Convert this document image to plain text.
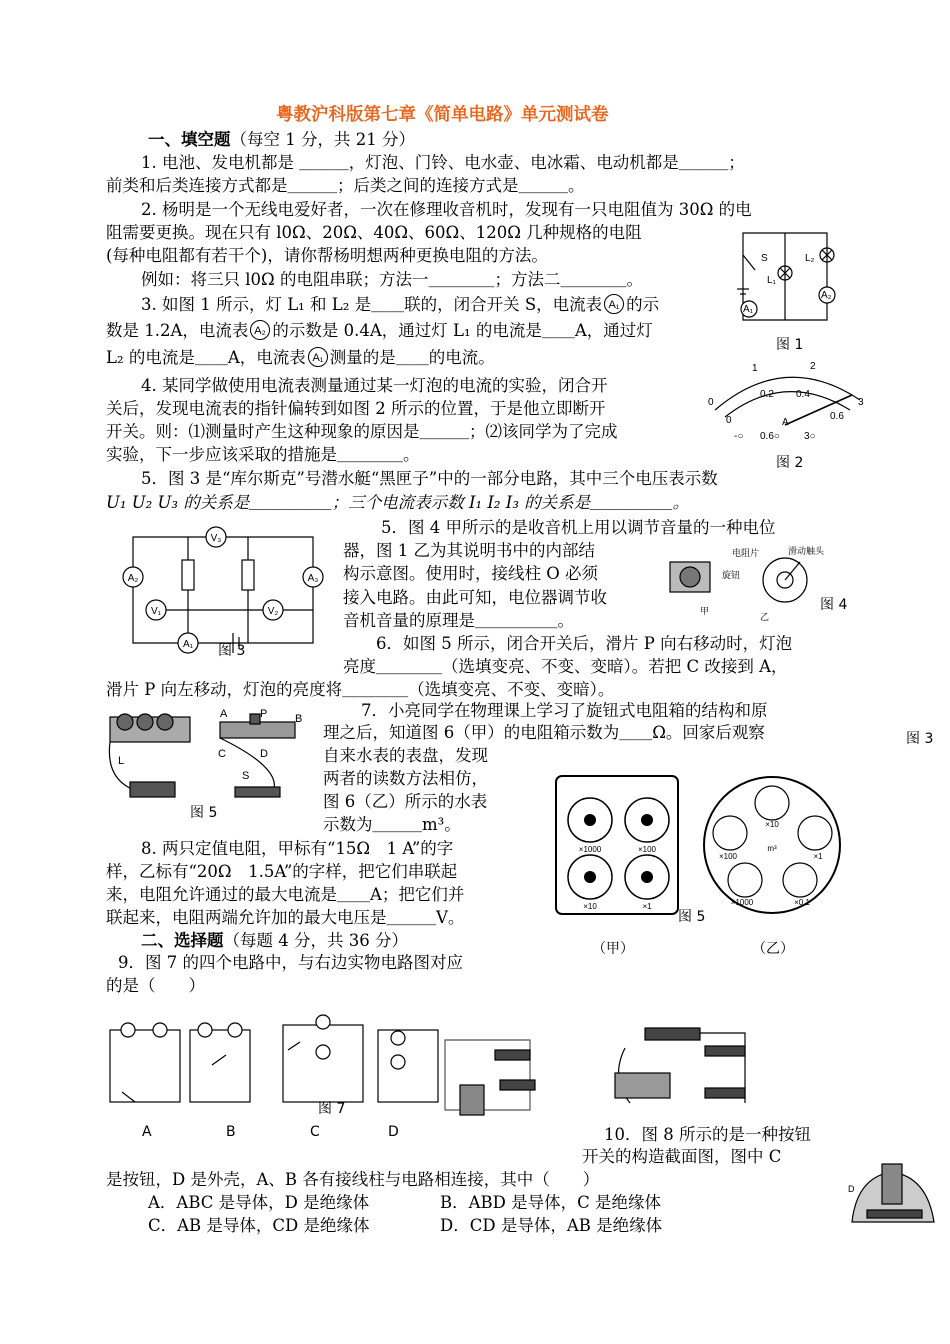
粤教沪科版第七章《简单电路》单元测试卷
一、填空题（每空 1 分，共 21 分）
1. 电池、发电机都是 ＿＿＿，灯泡、门铃、电水壶、电冰霜、电动机都是＿＿＿；
前类和后类连接方式都是＿＿＿；后类之间的连接方式是＿＿＿。
2. 杨明是一个无线电爱好者，一次在修理收音机时，发现有一只电阻值为 30Ω 的电
阻需要更换。现在只有 l0Ω、20Ω、40Ω、60Ω、120Ω 几种规格的电阻
(每种电阻都有若干个)，请你帮杨明想两种更换电阻的方法。
例如：将三只 l0Ω 的电阻串联；方法一＿＿＿＿；方法二＿＿＿＿。
3. 如图 1 所示，灯 L₁ 和 L₂ 是＿＿联的，闭合开关 S，电流表 A₁ 的示
数是 1.2A，电流表 A₂ 的示数是 0.4A，通过灯 L₁ 的电流是＿＿A，通过灯
L₂ 的电流是＿＿A，电流表 A₁ 测量的是＿＿的电流。
4. 某同学做使用电流表测量通过某一灯泡的电流的实验，闭合开
关后，发现电流表的指针偏转到如图 2 所示的位置，于是他立即断开
开关。则：⑴测量时产生这种现象的原因是＿＿＿；⑵该同学为了完成
实验，下一步应该采取的措施是＿＿＿＿。
5．图 3 是“库尔斯克”号潜水艇“黑匣子”中的一部分电路，其中三个电压表示数
U₁ U₂ U₃ 的关系是＿＿＿＿＿；三个电流表示数 I₁ I₂ I₃ 的关系是＿＿＿＿＿。
5．图 4 甲所示的是收音机上用以调节音量的一种电位
器，图 1 乙为其说明书中的内部结
构示意图。使用时，接线柱 O 必须
接入电路。由此可知，电位器调节收
音机音量的原理是＿＿＿＿＿。
6．如图 5 所示，闭合开关后，滑片 P 向右移动时，灯泡
亮度＿＿＿＿（选填变亮、不变、变暗）。若把 C 改接到 A，
滑片 P 向左移动，灯泡的亮度将＿＿＿＿（选填变亮、不变、变暗）。
7．小亮同学在物理课上学习了旋钮式电阻箱的结构和原
理之后，知道图 6（甲）的电阻箱示数为＿＿Ω。回家后观察
自来水表的表盘，发现
两者的读数方法相仿，
图 6（乙）所示的水表
示数为＿＿＿m³。
8. 两只定值电阻，甲标有“15Ω　1 A”的字
样，乙标有“20Ω　1.5A”的字样，把它们串联起
来，电阻允许通过的最大电流是＿＿A；把它们并
联起来，电阻两端允许加的最大电压是＿＿＿V。
二、选择题（每题 4 分，共 36 分）
9．图 7 的四个电路中，与右边实物电路图对应
的是（　　）
10．图 8 所示的是一种按钮
开关的构造截面图，图中 C
是按钮，D 是外壳，A、B 各有接线柱与电路相连接，其中（　　）
A．ABC 是导体，D 是绝缘体	B．ABD 是导体，C 是绝缘体
C．AB 是导体，CD 是绝缘体	D．CD 是导体，AB 是绝缘体
S
L₁
L₂
A₂
A₁
图 1
1	2
0	3
0.2 0.4
0	0.6
A
-○ 0.6○ 3○
图 2
A₂	A₃
V₃
V₁	V₂
A₁ 图 3
电阻片	滑动触头
旋钮
乙
甲	图 4
A	P	B
C	D
L
S
图 5
×1000	×100
×10	×1
图 5
（甲）
×10
×100	×1
×1000	×0.1
m³
（乙）
图 7
A	B	C	D
D
图 3
